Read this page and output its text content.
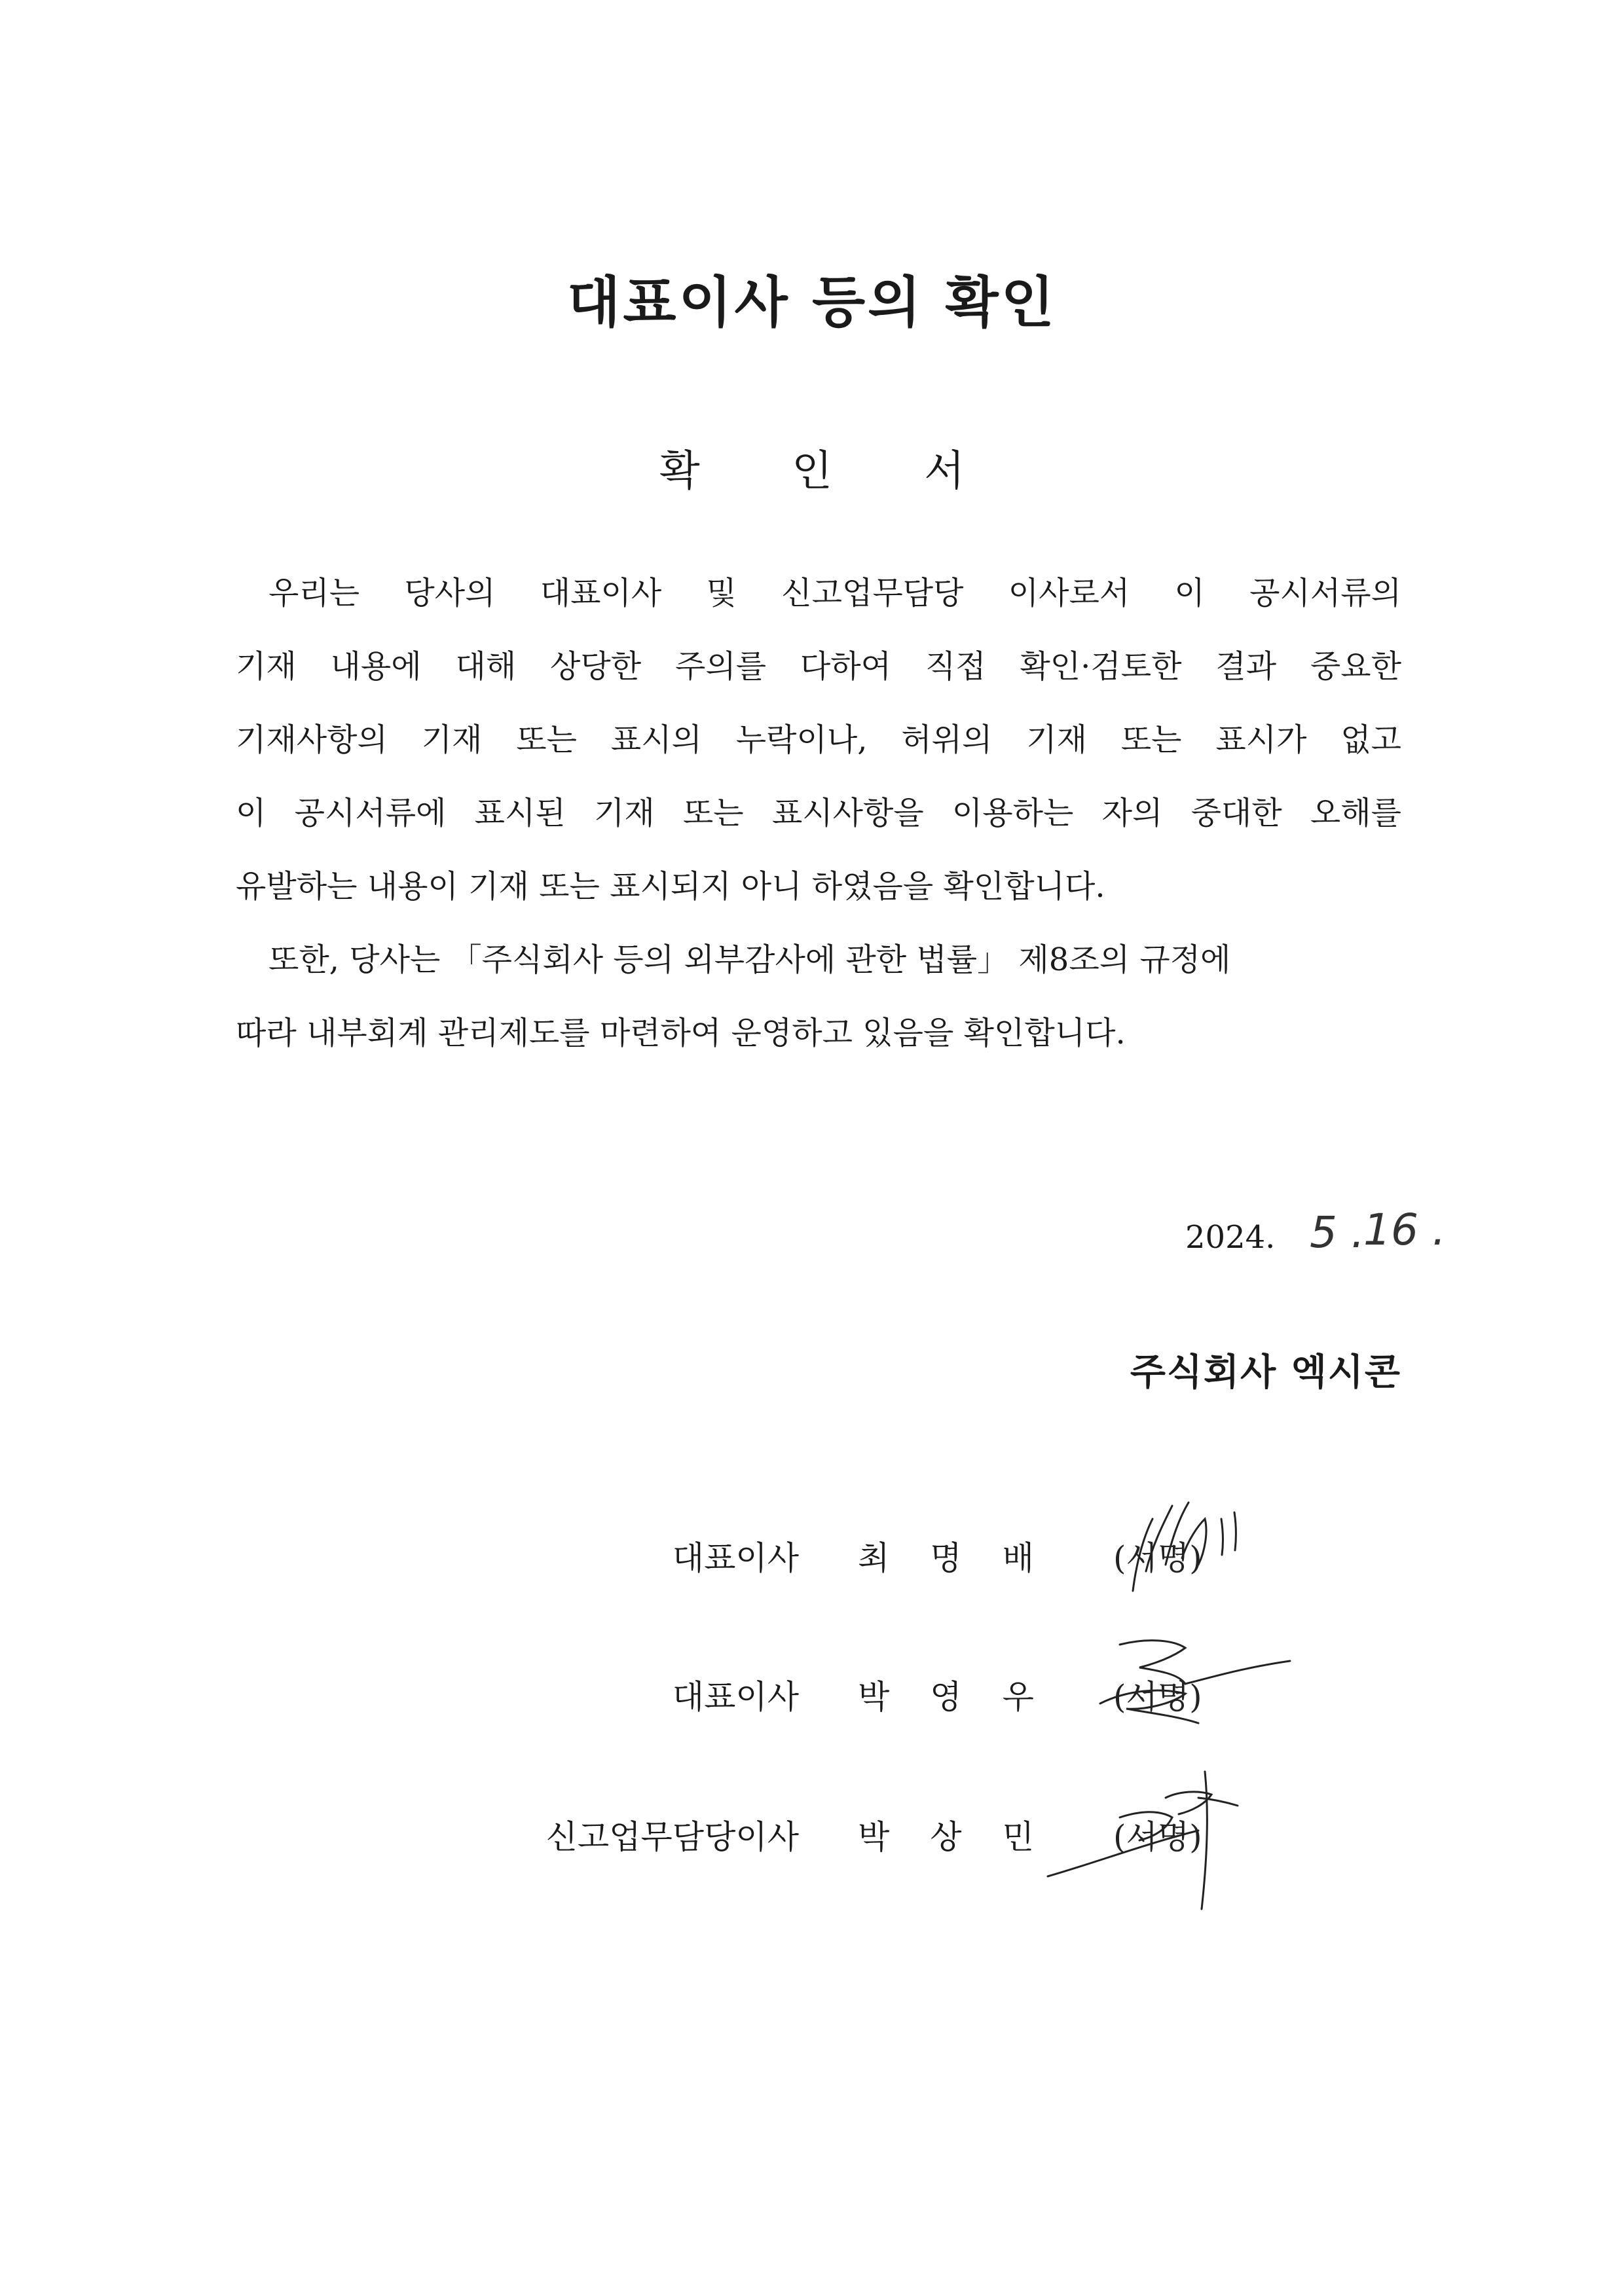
대표이사 등의 확인
확 인 서
우리는 당사의 대표이사 및 신고업무담당 이사로서 이 공시서류의
기재 내용에 대해 상당한 주의를 다하여 직접 확인·검토한 결과 중요한
기재사항의 기재 또는 표시의 누락이나, 허위의 기재 또는 표시가 없고
이 공시서류에 표시된 기재 또는 표시사항을 이용하는 자의 중대한 오해를
유발하는 내용이 기재 또는 표시되지 아니 하였음을 확인합니다.
또한, 당사는 「주식회사 등의 외부감사에 관한 법률」 제8조의 규정에
따라 내부회계 관리제도를 마련하여 운영하고 있음을 확인합니다.
2024. 5 .
16 .
주식회사 엑시콘
대표이사 최명배 (서명)
대표이사 박영우 (서명)
신고업무담당이사 박상민 (서명)
